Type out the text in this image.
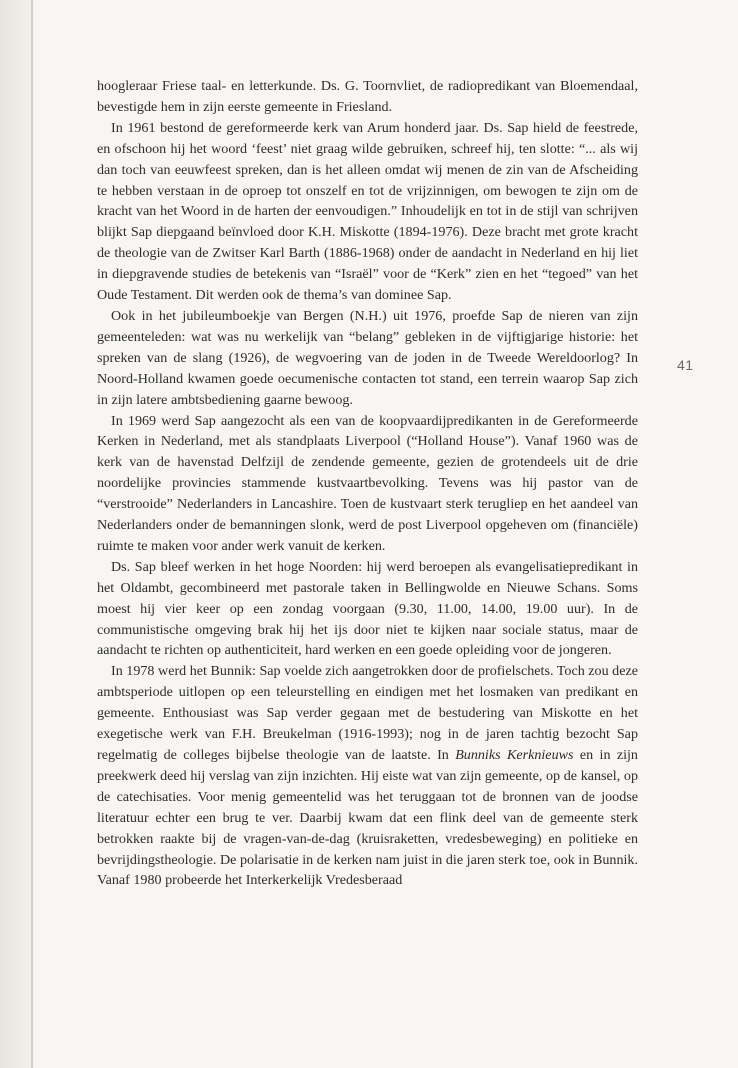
41

hoogleraar Friese taal- en letterkunde. Ds. G. Toornvliet, de radiopredikant van Bloemendaal, bevestigde hem in zijn eerste gemeente in Friesland.

In 1961 bestond de gereformeerde kerk van Arum honderd jaar. Ds. Sap hield de feestrede, en ofschoon hij het woord ‘feest’ niet graag wilde gebruiken, schreef hij, ten slotte: “... als wij dan toch van eeuwfeest spreken, dan is het alleen omdat wij menen de zin van de Afscheiding te hebben verstaan in de oproep tot onszelf en tot de vrijzinnigen, om bewogen te zijn om de kracht van het Woord in de harten der eenvoudigen.” Inhoudelijk en tot in de stijl van schrijven blijkt Sap diepgaand beïnvloed door K.H. Miskotte (1894-1976). Deze bracht met grote kracht de theologie van de Zwitser Karl Barth (1886-1968) onder de aandacht in Nederland en hij liet in diepgravende studies de betekenis van “Israël” voor de “Kerk” zien en het “tegoed” van het Oude Testament. Dit werden ook de thema’s van dominee Sap.

Ook in het jubileumboekje van Bergen (N.H.) uit 1976, proefde Sap de nieren van zijn gemeenteleden: wat was nu werkelijk van “belang” gebleken in de vijftigjarige historie: het spreken van de slang (1926), de wegvoering van de joden in de Tweede Wereldoorlog? In Noord-Holland kwamen goede oecumenische contacten tot stand, een terrein waarop Sap zich in zijn latere ambtsbediening gaarne bewoog.

In 1969 werd Sap aangezocht als een van de koopvaardijpredikanten in de Gereformeerde Kerken in Nederland, met als standplaats Liverpool (“Holland House”). Vanaf 1960 was de kerk van de havenstad Delfzijl de zendende gemeente, gezien de grotendeels uit de drie noordelijke provincies stammende kustvaartbevolking. Tevens was hij pastor van de “verstrooide” Nederlanders in Lancashire. Toen de kustvaart sterk terugliep en het aandeel van Nederlanders onder de bemanningen slonk, werd de post Liverpool opgeheven om (financiële) ruimte te maken voor ander werk vanuit de kerken.

Ds. Sap bleef werken in het hoge Noorden: hij werd beroepen als evangelisatiepredikant in het Oldambt, gecombineerd met pastorale taken in Bellingwolde en Nieuwe Schans. Soms moest hij vier keer op een zondag voorgaan (9.30, 11.00, 14.00, 19.00 uur). In de communistische omgeving brak hij het ijs door niet te kijken naar sociale status, maar de aandacht te richten op authenticiteit, hard werken en een goede opleiding voor de jongeren.

In 1978 werd het Bunnik: Sap voelde zich aangetrokken door de profielschets. Toch zou deze ambtsperiode uitlopen op een teleurstelling en eindigen met het losmaken van predikant en gemeente. Enthousiast was Sap verder gegaan met de bestudering van Miskotte en het exegetische werk van F.H. Breukelman (1916-1993); nog in de jaren tachtig bezocht Sap regelmatig de colleges bijbelse theologie van de laatste. In Bunniks Kerknieuws en in zijn preekwerk deed hij verslag van zijn inzichten. Hij eiste wat van zijn gemeente, op de kansel, op de catechisaties. Voor menig gemeentelid was het teruggaan tot de bronnen van de joodse literatuur echter een brug te ver. Daarbij kwam dat een flink deel van de gemeente sterk betrokken raakte bij de vragen-van-de-dag (kruisraketten, vredesbeweging) en politieke en bevrijdingstheologie. De polarisatie in de kerken nam juist in die jaren sterk toe, ook in Bunnik. Vanaf 1980 probeerde het Interkerkelijk Vredesberaad
